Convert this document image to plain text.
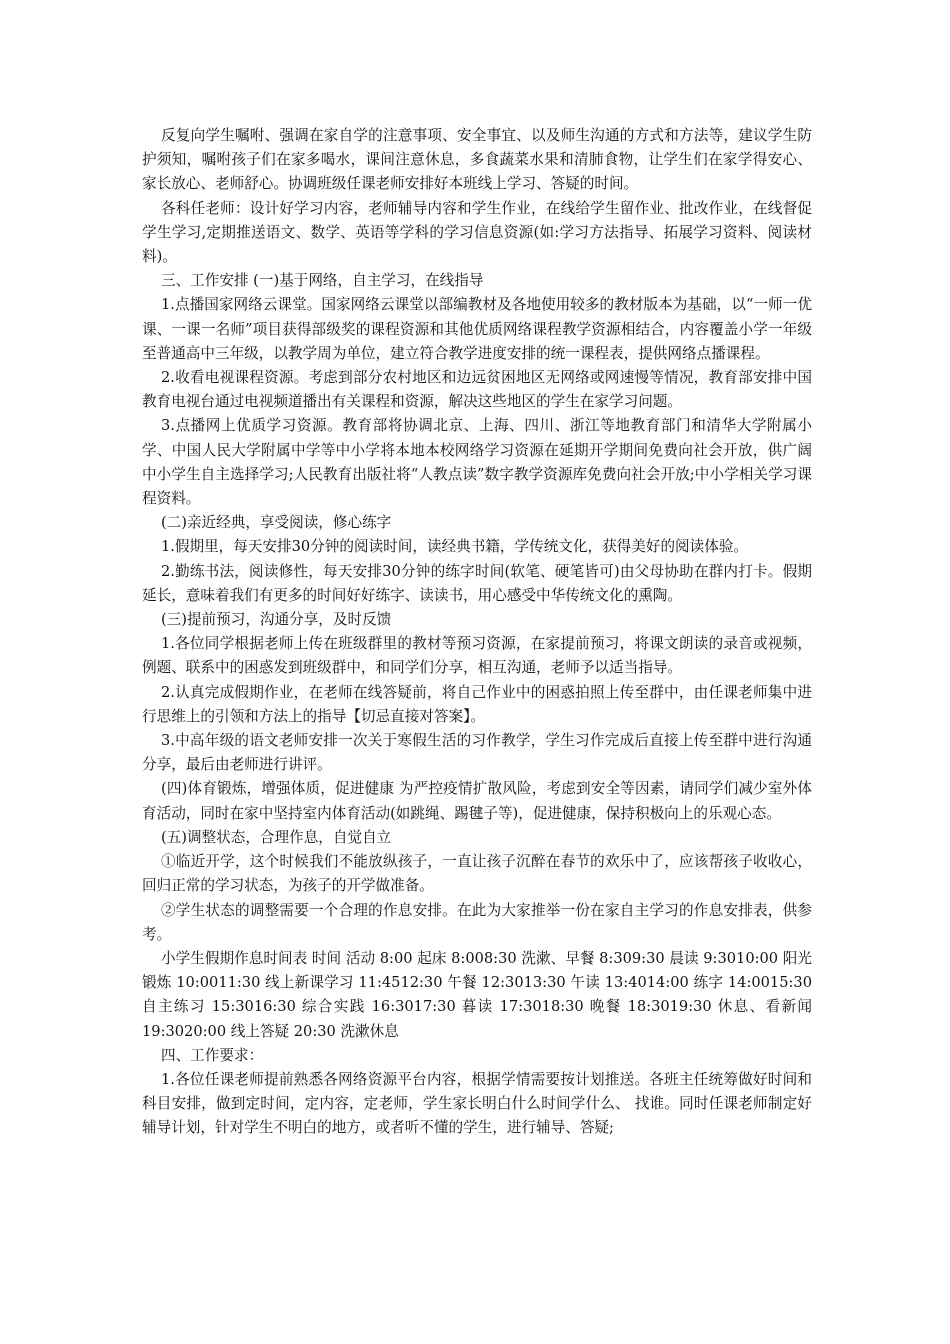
反复向学生嘱咐、强调在家自学的注意事项、安全事宜、以及师生沟通的方式和方法等，建议学生防护须知，嘱咐孩子们在家多喝水，课间注意休息，多食蔬菜水果和清肺食物，让学生们在家学得安心、家长放心、老师舒心。协调班级任课老师安排好本班线上学习、答疑的时间。

各科任老师：设计好学习内容，老师辅导内容和学生作业，在线给学生留作业、批改作业，在线督促学生学习,定期推送语文、数学、英语等学科的学习信息资源(如:学习方法指导、拓展学习资料、阅读材料)。

三、工作安排 (一)基于网络，自主学习，在线指导

1.点播国家网络云课堂。国家网络云课堂以部编教材及各地使用较多的教材版本为基础，以“一师一优课、一课一名师”项目获得部级奖的课程资源和其他优质网络课程教学资源相结合，内容覆盖小学一年级至普通高中三年级，以教学周为单位，建立符合教学进度安排的统一课程表，提供网络点播课程。

2.收看电视课程资源。考虑到部分农村地区和边远贫困地区无网络或网速慢等情况，教育部安排中国教育电视台通过电视频道播出有关课程和资源，解决这些地区的学生在家学习问题。

3.点播网上优质学习资源。教育部将协调北京、上海、四川、浙江等地教育部门和清华大学附属小学、中国人民大学附属中学等中小学将本地本校网络学习资源在延期开学期间免费向社会开放，供广阔中小学生自主选择学习;人民教育出版社将“人教点读”数字教学资源库免费向社会开放;中小学相关学习课程资料。

(二)亲近经典，享受阅读，修心练字

1.假期里，每天安排30分钟的阅读时间，读经典书籍，学传统文化，获得美好的阅读体验。

2.勤练书法，阅读修性，每天安排30分钟的练字时间(软笔、硬笔皆可)由父母协助在群内打卡。假期延长，意味着我们有更多的时间好好练字、读读书，用心感受中华传统文化的熏陶。

(三)提前预习，沟通分享，及时反馈

1.各位同学根据老师上传在班级群里的教材等预习资源，在家提前预习，将课文朗读的录音或视频，例题、联系中的困惑发到班级群中，和同学们分享，相互沟通，老师予以适当指导。

2.认真完成假期作业，在老师在线答疑前，将自己作业中的困惑拍照上传至群中，由任课老师集中进行思维上的引领和方法上的指导【切忌直接对答案】。

3.中高年级的语文老师安排一次关于寒假生活的习作教学，学生习作完成后直接上传至群中进行沟通分享，最后由老师进行讲评。

(四)体育锻炼，增强体质，促进健康 为严控疫情扩散风险，考虑到安全等因素，请同学们减少室外体育活动，同时在家中坚持室内体育活动(如跳绳、踢毽子等)，促进健康，保持积极向上的乐观心态。

(五)调整状态，合理作息，自觉自立

①临近开学，这个时候我们不能放纵孩子，一直让孩子沉醉在春节的欢乐中了，应该帮孩子收收心，回归正常的学习状态，为孩子的开学做准备。

②学生状态的调整需要一个合理的作息安排。在此为大家推举一份在家自主学习的作息安排表，供参考。

小学生假期作息时间表 时间 活动 8:00 起床 8:008:30 洗漱、早餐 8:309:30 晨读 9:3010:00 阳光锻炼 10:0011:30 线上新课学习 11:4512:30 午餐 12:3013:30 午读 13:4014:00 练字 14:0015:30 自主练习 15:3016:30 综合实践 16:3017:30 暮读 17:3018:30 晚餐 18:3019:30 休息、看新闻 19:3020:00 线上答疑 20:30 洗漱休息

四、工作要求：

1.各位任课老师提前熟悉各网络资源平台内容，根据学情需要按计划推送。各班主任统筹做好时间和科目安排，做到定时间，定内容，定老师，学生家长明白什么时间学什么、 找谁。同时任课老师制定好辅导计划，针对学生不明白的地方，或者听不懂的学生，进行辅导、答疑;
